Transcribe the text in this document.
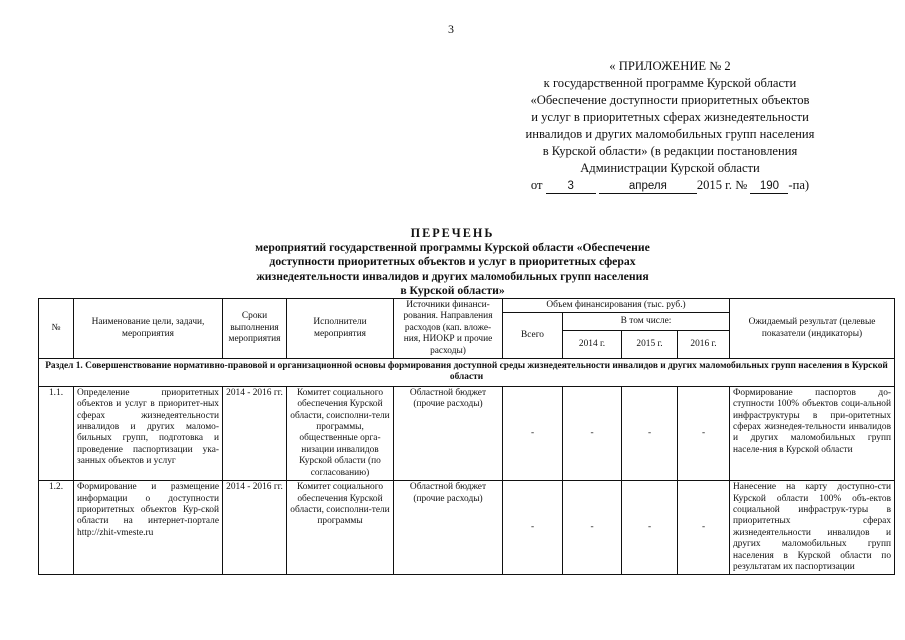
3
« ПРИЛОЖЕНИЕ № 2
к государственной программе Курской области
«Обеспечение доступности приоритетных объектов
и услуг в приоритетных сферах жизнедеятельности
инвалидов и других маломобильных групп населения
в Курской области» (в редакции постановления
Администрации Курской области
от 3	апреля 2015 г. № 190 -па)
ПЕРЕЧЕНЬ
мероприятий государственной программы Курской области «Обеспечение
доступности приоритетных объектов и услуг в приоритетных сферах
жизнедеятельности инвалидов и других маломобильных групп населения
в Курской области»
№	Наименование цели, задачи, мероприятия	Сроки выполнения мероприятия	Исполнители мероприятия	Источники финанси-рования. Направления расходов (кап. вложе-ния, НИОКР и прочие расходы)	Объем финансирования (тыс. руб.)				Ожидаемый результат (целевые показатели (индикаторы)
					Всего	В том числе:			
						2014 г.	2015 г.	2016 г.	
Раздел 1. Совершенствование нормативно-правовой и организационной основы формирования доступной среды жизнедеятельности инвалидов и других маломобильных групп населения в Курской области									
1.1.	Определение приоритетных объектов и услуг в приоритет-ных сферах жизнедеятельности инвалидов и других маломо-бильных групп, подготовка и проведение паспортизации ука-занных объектов и услуг	2014 - 2016 гг.	Комитет социального обеспечения Курской области, соисполни-тели программы, общественные орга-низации инвалидов Курской области (по согласованию)	Областной бюджет (прочие расходы)	-	-	-	-	Формирование паспортов до-ступности 100% объектов соци-альной инфраструктуры в при-оритетных сферах жизнедея-тельности инвалидов и других маломобильных групп населе-ния в Курской области
1.2.	Формирование и размещение информации о доступности приоритетных объектов Кур-ской области на интернет-портале http://zhit-vmeste.ru	2014 - 2016 гг.	Комитет социального обеспечения Курской области, соисполни-тели программы	Областной бюджет (прочие расходы)	-	-	-	-	Нанесение на карту доступно-сти Курской области 100% объ-ектов социальной инфраструк-туры в приоритетных сферах жизнедеятельности инвалидов и других маломобильных групп населения в Курской области по результатам их паспортизации
